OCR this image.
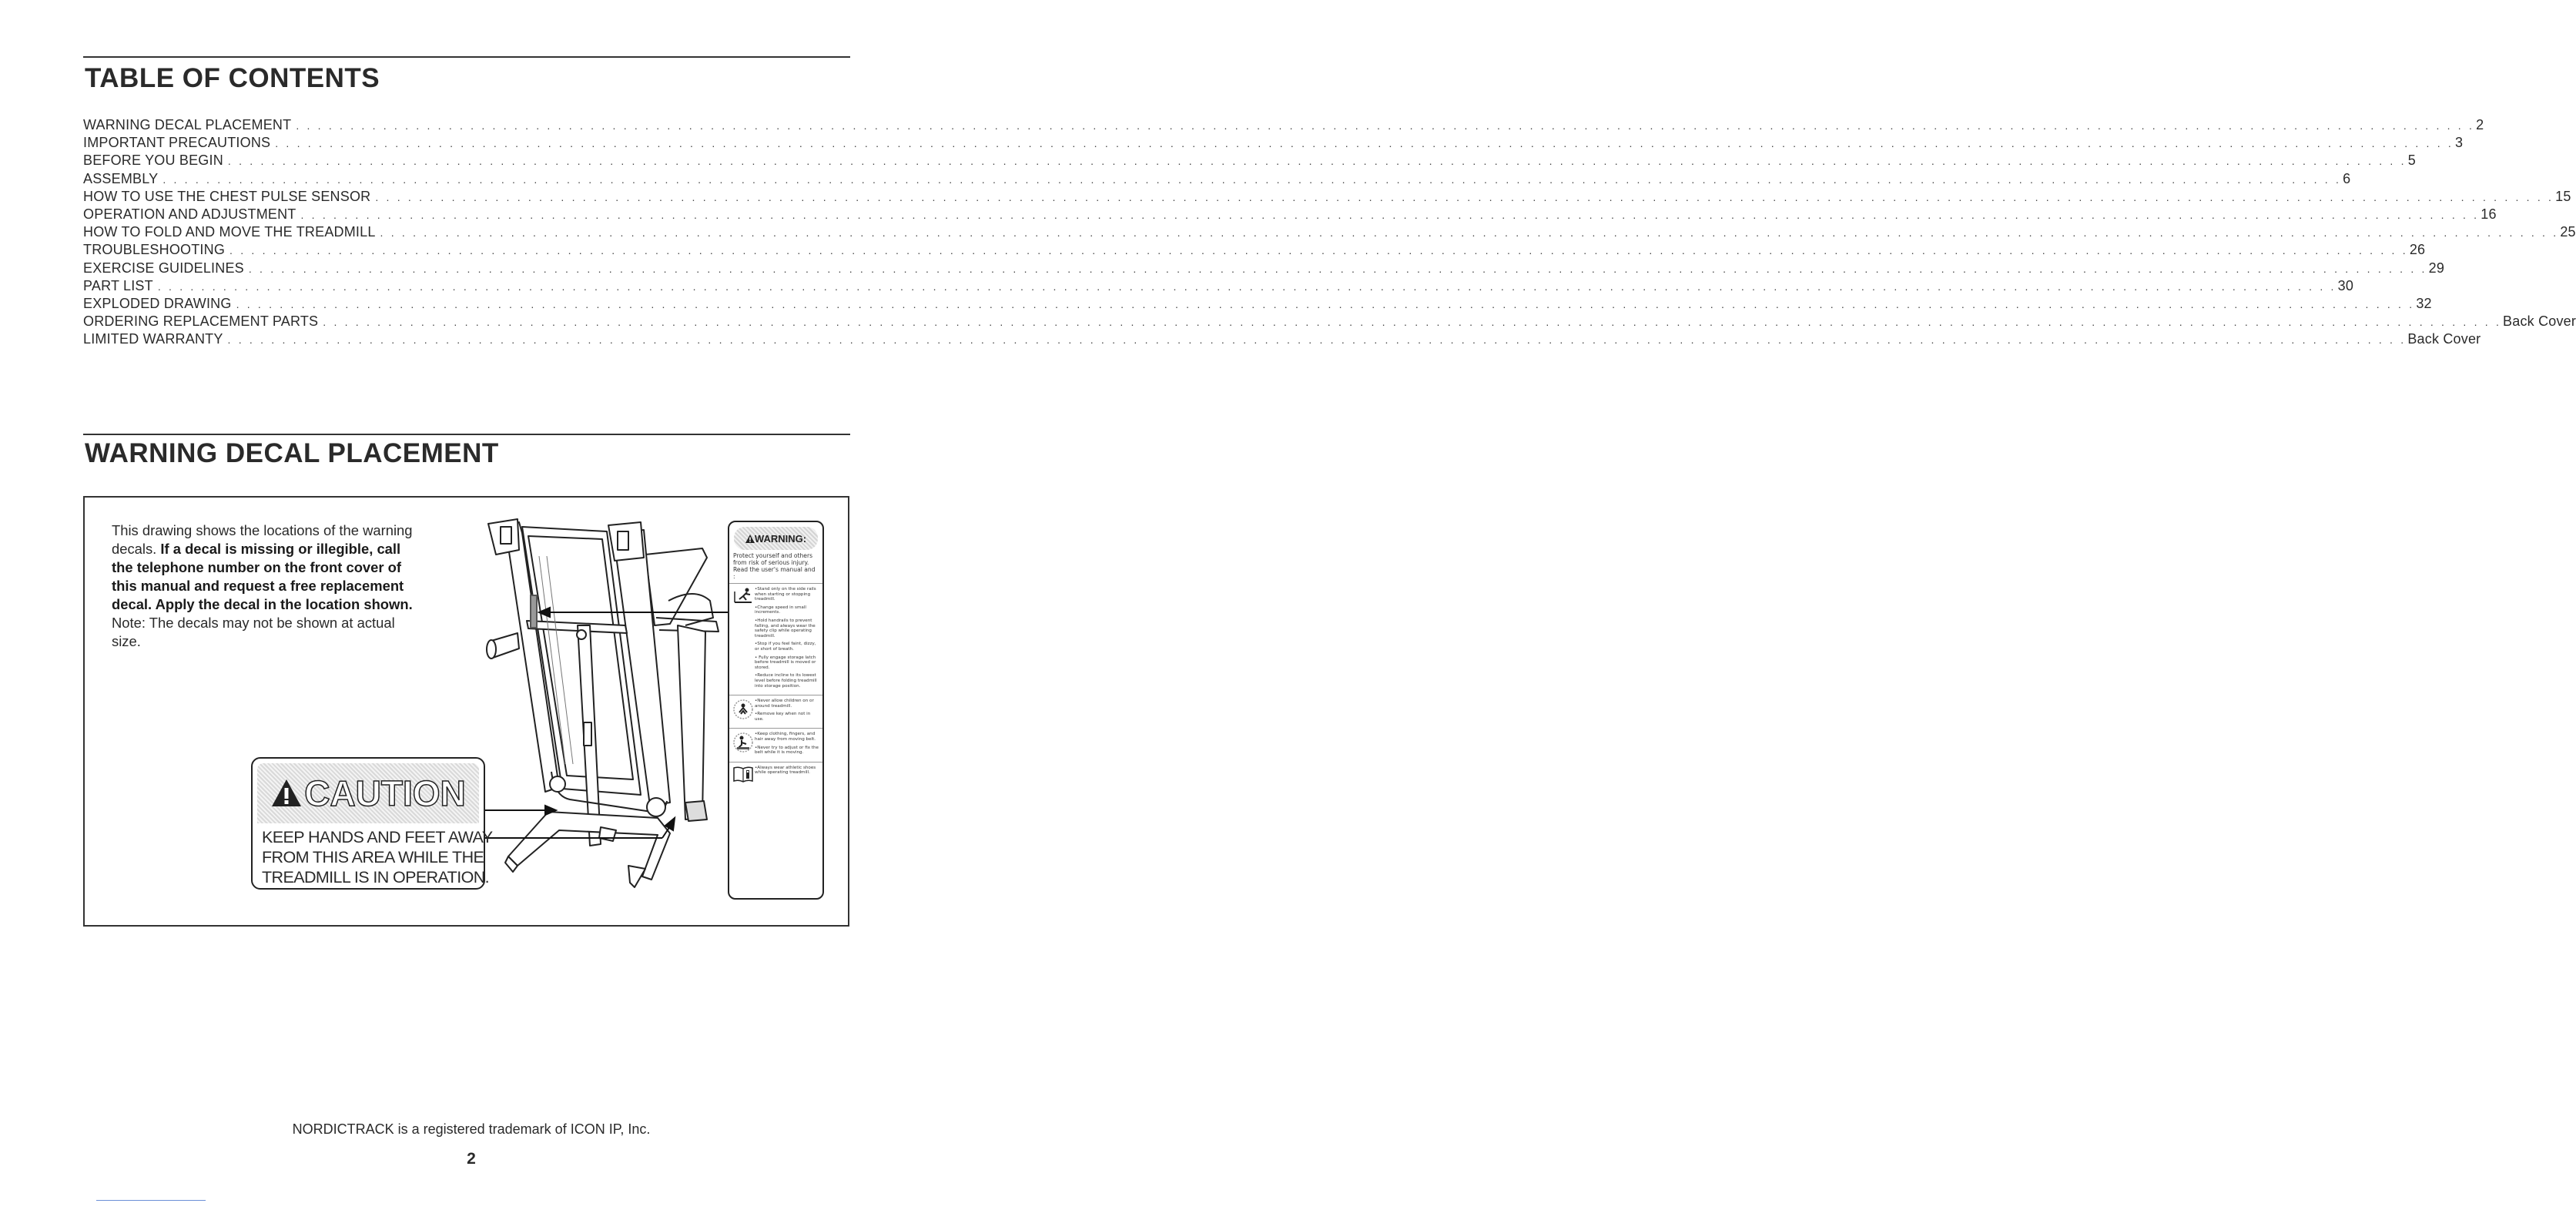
TABLE OF CONTENTS
WARNING DECAL PLACEMENT . . . . . . . . . . . . . . . . . . . . . . . . . . . . . . . . . . . . . . . . . . . . . . . . . . . . . . . . . . . . . . . . . . . . . . . . . . . . . . . . . . . . . . . . . . . . . . . . . . . . . . . . . . . . . . . . . . . . . . . . . . . . . . . . . . . . . . . . . . . . . . . . . . . . . . . . . . . . . . . . . . . . . . . . . . . . . . . . . . . . . . . . . . . . . . . . . . . . . . . . 2
IMPORTANT PRECAUTIONS . . . . . . . . . . . . . . . . . . . . . . . . . . . . . . . . . . . . . . . . . . . . . . . . . . . . . . . . . . . . . . . . . . . . . . . . . . . . . . . . . . . . . . . . . . . . . . . . . . . . . . . . . . . . . . . . . . . . . . . . . . . . . . . . . . . . . . . . . . . . . . . . . . . . . . . . . . . . . . . . . . . . . . . . . . . . . . . . . . . . . . . . . . . . . . . . . . . . . . . . 3
BEFORE YOU BEGIN . . . . . . . . . . . . . . . . . . . . . . . . . . . . . . . . . . . . . . . . . . . . . . . . . . . . . . . . . . . . . . . . . . . . . . . . . . . . . . . . . . . . . . . . . . . . . . . . . . . . . . . . . . . . . . . . . . . . . . . . . . . . . . . . . . . . . . . . . . . . . . . . . . . . . . . . . . . . . . . . . . . . . . . . . . . . . . . . . . . . . . . . . . . . . . . . . . . . . . . . 5
ASSEMBLY . . . . . . . . . . . . . . . . . . . . . . . . . . . . . . . . . . . . . . . . . . . . . . . . . . . . . . . . . . . . . . . . . . . . . . . . . . . . . . . . . . . . . . . . . . . . . . . . . . . . . . . . . . . . . . . . . . . . . . . . . . . . . . . . . . . . . . . . . . . . . . . . . . . . . . . . . . . . . . . . . . . . . . . . . . . . . . . . . . . . . . . . . . . . . . . . . . . . . . . . 6
HOW TO USE THE CHEST PULSE SENSOR . . . . . . . . . . . . . . . . . . . . . . . . . . . . . . . . . . . . . . . . . . . . . . . . . . . . . . . . . . . . . . . . . . . . . . . . . . . . . . . . . . . . . . . . . . . . . . . . . . . . . . . . . . . . . . . . . . . . . . . . . . . . . . . . . . . . . . . . . . . . . . . . . . . . . . . . . . . . . . . . . . . . . . . . . . . . . . . . . . . . . . . . . . . . . . . . . . . . . . . . 15
OPERATION AND ADJUSTMENT . . . . . . . . . . . . . . . . . . . . . . . . . . . . . . . . . . . . . . . . . . . . . . . . . . . . . . . . . . . . . . . . . . . . . . . . . . . . . . . . . . . . . . . . . . . . . . . . . . . . . . . . . . . . . . . . . . . . . . . . . . . . . . . . . . . . . . . . . . . . . . . . . . . . . . . . . . . . . . . . . . . . . . . . . . . . . . . . . . . . . . . . . . . . . . . . . . . . . . . . 16
HOW TO FOLD AND MOVE THE TREADMILL . . . . . . . . . . . . . . . . . . . . . . . . . . . . . . . . . . . . . . . . . . . . . . . . . . . . . . . . . . . . . . . . . . . . . . . . . . . . . . . . . . . . . . . . . . . . . . . . . . . . . . . . . . . . . . . . . . . . . . . . . . . . . . . . . . . . . . . . . . . . . . . . . . . . . . . . . . . . . . . . . . . . . . . . . . . . . . . . . . . . . . . . . . . . . . . . . . . . . . . . 25
TROUBLESHOOTING . . . . . . . . . . . . . . . . . . . . . . . . . . . . . . . . . . . . . . . . . . . . . . . . . . . . . . . . . . . . . . . . . . . . . . . . . . . . . . . . . . . . . . . . . . . . . . . . . . . . . . . . . . . . . . . . . . . . . . . . . . . . . . . . . . . . . . . . . . . . . . . . . . . . . . . . . . . . . . . . . . . . . . . . . . . . . . . . . . . . . . . . . . . . . . . . . . . . . . . . 26
EXERCISE GUIDELINES . . . . . . . . . . . . . . . . . . . . . . . . . . . . . . . . . . . . . . . . . . . . . . . . . . . . . . . . . . . . . . . . . . . . . . . . . . . . . . . . . . . . . . . . . . . . . . . . . . . . . . . . . . . . . . . . . . . . . . . . . . . . . . . . . . . . . . . . . . . . . . . . . . . . . . . . . . . . . . . . . . . . . . . . . . . . . . . . . . . . . . . . . . . . . . . . . . . . . . . . 29
PART LIST . . . . . . . . . . . . . . . . . . . . . . . . . . . . . . . . . . . . . . . . . . . . . . . . . . . . . . . . . . . . . . . . . . . . . . . . . . . . . . . . . . . . . . . . . . . . . . . . . . . . . . . . . . . . . . . . . . . . . . . . . . . . . . . . . . . . . . . . . . . . . . . . . . . . . . . . . . . . . . . . . . . . . . . . . . . . . . . . . . . . . . . . . . . . . . . . . . . . . . . . 30
EXPLODED DRAWING . . . . . . . . . . . . . . . . . . . . . . . . . . . . . . . . . . . . . . . . . . . . . . . . . . . . . . . . . . . . . . . . . . . . . . . . . . . . . . . . . . . . . . . . . . . . . . . . . . . . . . . . . . . . . . . . . . . . . . . . . . . . . . . . . . . . . . . . . . . . . . . . . . . . . . . . . . . . . . . . . . . . . . . . . . . . . . . . . . . . . . . . . . . . . . . . . . . . . . . . 32
ORDERING REPLACEMENT PARTS . . . . . . . . . . . . . . . . . . . . . . . . . . . . . . . . . . . . . . . . . . . . . . . . . . . . . . . . . . . . . . . . . . . . . . . . . . . . . . . . . . . . . . . . . . . . . . . . . . . . . . . . . . . . . . . . . . . . . . . . . . . . . . . . . . . . . . . . . . . . . . . . . . . . . . . . . . . . . . . . . . . . . . . . . . . . . . . . . . . . . . . . . . . . . . . . . . . . . . . . Back Cover
LIMITED WARRANTY . . . . . . . . . . . . . . . . . . . . . . . . . . . . . . . . . . . . . . . . . . . . . . . . . . . . . . . . . . . . . . . . . . . . . . . . . . . . . . . . . . . . . . . . . . . . . . . . . . . . . . . . . . . . . . . . . . . . . . . . . . . . . . . . . . . . . . . . . . . . . . . . . . . . . . . . . . . . . . . . . . . . . . . . . . . . . . . . . . . . . . . . . . . . . . . . . . . . . . . . Back Cover
WARNING DECAL PLACEMENT

This drawing shows the locations of the warning decals. If a decal is missing or illegible, call the telephone number on the front cover of this manual and request a free replacement decal. Apply the decal in the location shown. Note: The decals may not be shown at actual size.

CAUTION
KEEP HANDS AND FEET AWAY
FROM THIS AREA WHILE THE
TREADMILL IS IN OPERATION.
WARNING:
Protect yourself and others from risk of serious injury. Read the user's manual and :
•Stand only on the side rails when starting or stopping treadmill.
•Change speed in small increments.
•Hold handrails to prevent falling, and always wear the safety clip while operating treadmill.
•Stop if you feel faint, dizzy, or short of breath.
• Fully engage storage latch before treadmill is moved or stored.
•Reduce incline to its lowest level before folding treadmill into storage position.
•Never allow children on or around treadmill.
•Remove key when not in use.
•Keep clothing, fingers, and hair away from moving belt.
•Never try to adjust or fix the belt while it is moving.
•Always wear athletic shoes while operating treadmill.
NORDICTRACK is a registered trademark of ICON IP, Inc.
2
